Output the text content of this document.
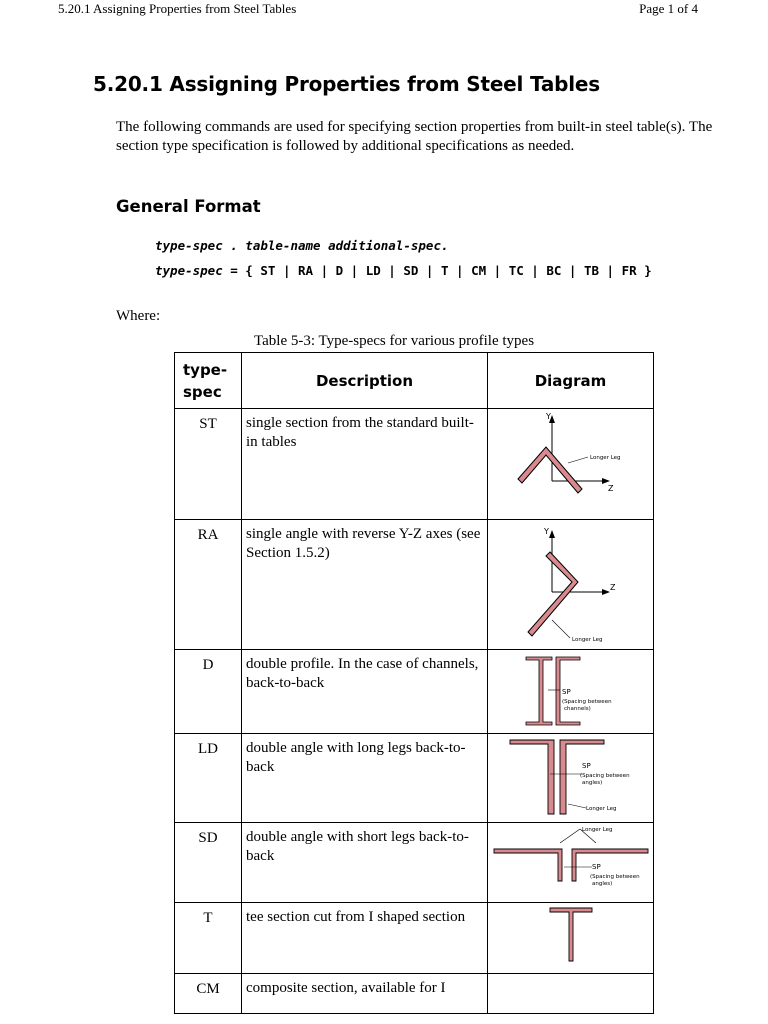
5.20.1 Assigning Properties from Steel Tables	Page 1 of 4
5.20.1 Assigning Properties from Steel Tables

The following commands are used for specifying section properties from built-in steel table(s). The section type specification is followed by additional specifications as needed.

General Format
type-spec . table-name additional-spec.
type-spec = { ST | RA | D | LD | SD | T | CM | TC | BC | TB | FR }
Where:
Table 5-3: Type-specs for various profile types
type-spec	Description	Diagram
ST	single section from the standard built-in tables	Y
Z
Longer Leg

RA	single angle with reverse Y-Z axes (see Section 1.5.2)	Y
Z
Longer Leg

D	double profile. In the case of channels, back-to-back	SP
(Spacing between
channels)

LD	double angle with long legs back-to-back	SP
(Spacing between
angles)
Longer Leg

SD	double angle with short legs back-to-back	Longer Leg
SP
(Spacing between
angles)

T	tee section cut from I shaped section	

CM	composite section, available for I	
